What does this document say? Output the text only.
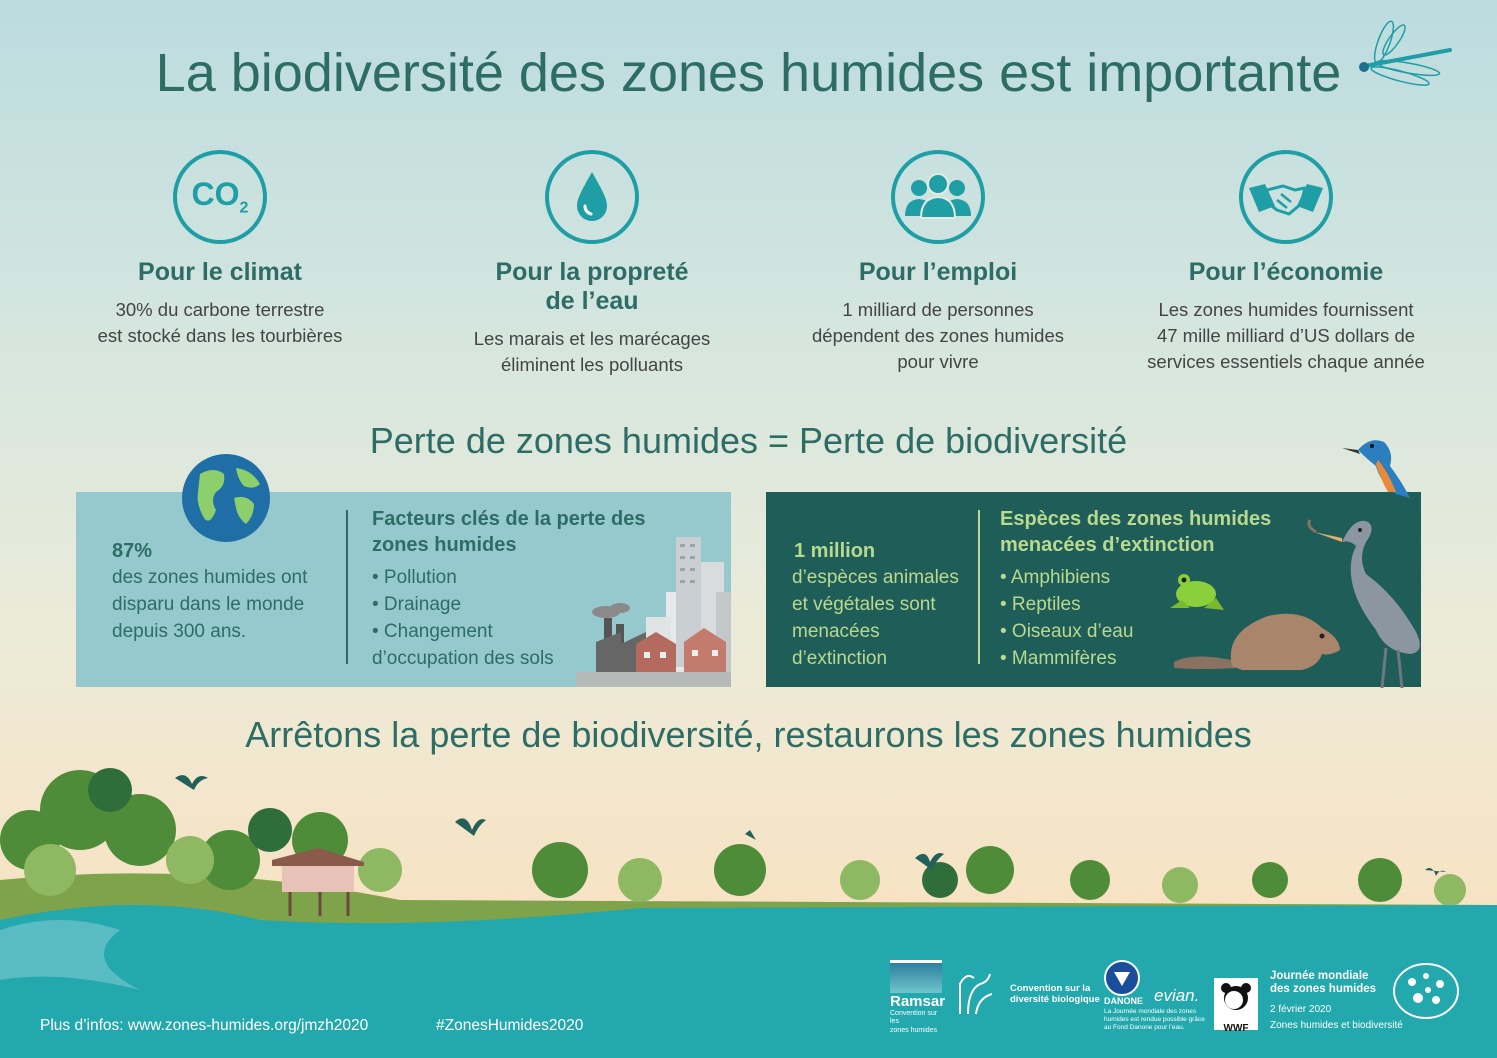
La biodiversité des zones humides est importante
$CO_2$
Pour le climat

30% du carbone terrestre
est stocké dans les tourbières

Pour la propreté
de l’eau

Les marais et les marécages
éliminent les polluants

Pour l’emploi

1 milliard de personnes
dépendent des zones humides
pour vivre

Pour l’économie

Les zones humides fournissent
47 mille milliard d’US dollars de
services essentiels chaque année

Perte de zones humides = Perte de biodiversité
87%
des zones humides ont
disparu dans le monde
depuis 300 ans.
Facteurs clés de la perte des
zones humides
• Pollution
• Drainage
• Changement
d’occupation des sols
1 million
d’espèces animales
et végétales sont
menacées
d’extinction
Espèces des zones humides
menacées d’extinction
• Amphibiens
• Reptiles
• Oiseaux d’eau
• Mammifères
Arrêtons la perte de biodiversité, restaurons les zones humides
Plus d’infos: www.zones-humides.org/jmzh2020	#ZonesHumides2020
Ramsar
Convention sur les
zones humides
Convention sur la
diversité biologique DANONE evian.
La Journée mondiale des zones
humides est rendue possible grâce
au Fond Danone pour l’eau.	WWF
Journée mondiale
des zones humides
2 février 2020
Zones humides et biodiversité
